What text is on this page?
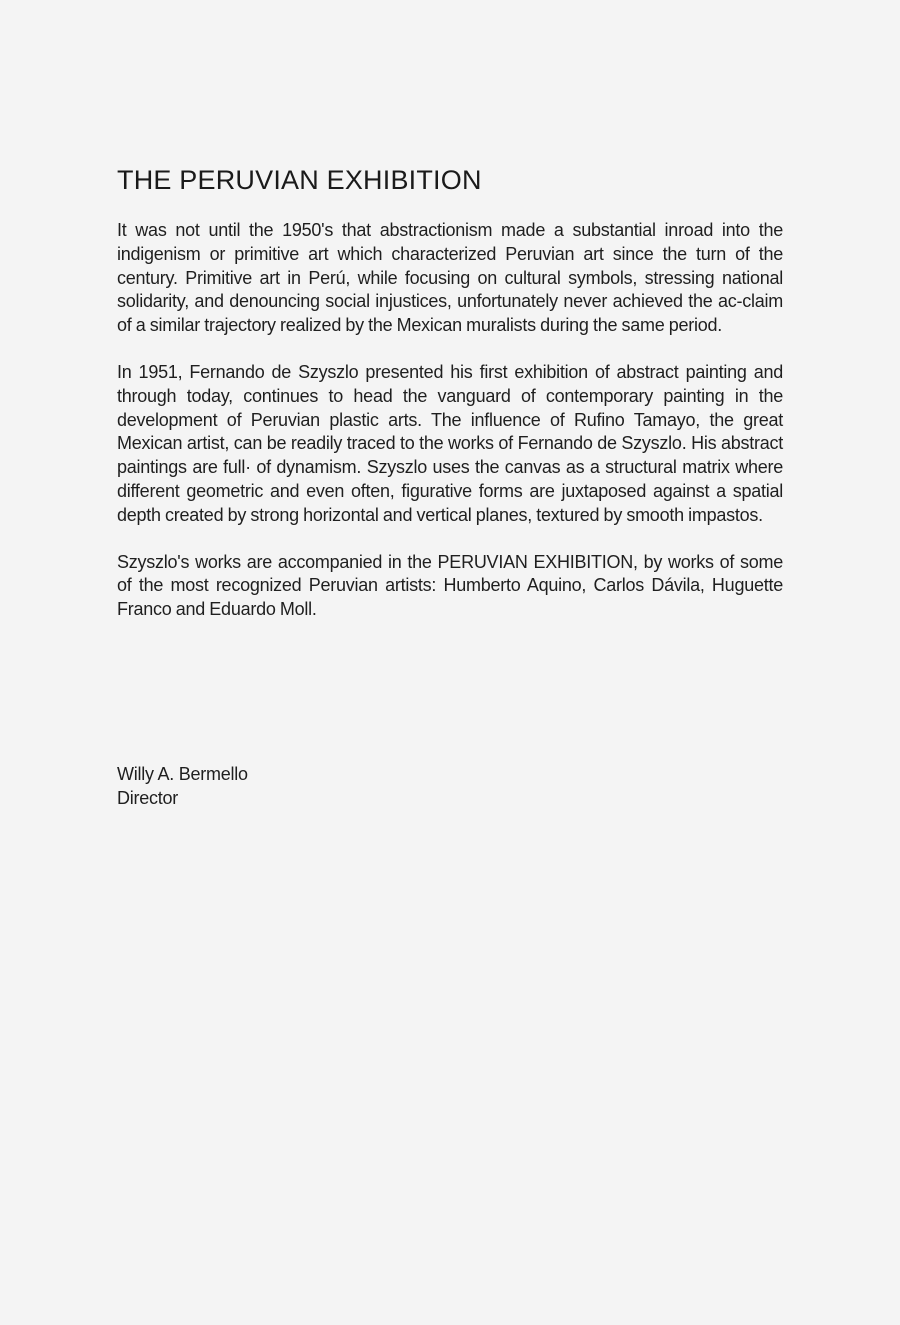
THE PERUVIAN EXHIBITION

It was not until the 1950's that abstractionism made a substantial inroad into the indigenism or primitive art which characterized Peruvian art since the turn of the century. Primitive art in Perú, while focusing on cultural symbols, stressing national solidarity, and denouncing social injustices, unfortunately never achieved the ac-claim of a similar trajectory realized by the Mexican muralists during the same period.

In 1951, Fernando de Szyszlo presented his first exhibition of abstract painting and through today, continues to head the vanguard of contemporary painting in the development of Peruvian plastic arts. The influence of Rufino Tamayo, the great Mexican artist, can be readily traced to the works of Fernando de Szyszlo. His abstract paintings are full· of dynamism. Szyszlo uses the canvas as a structural matrix where different geometric and even often, figurative forms are juxtaposed against a spatial depth created by strong horizontal and vertical planes, textured by smooth impastos.

Szyszlo's works are accompanied in the PERUVIAN EXHIBITION, by works of some of the most recognized Peruvian artists: Humberto Aquino, Carlos Dávila, Huguette Franco and Eduardo Moll.

Willy A. Bermello
Director
